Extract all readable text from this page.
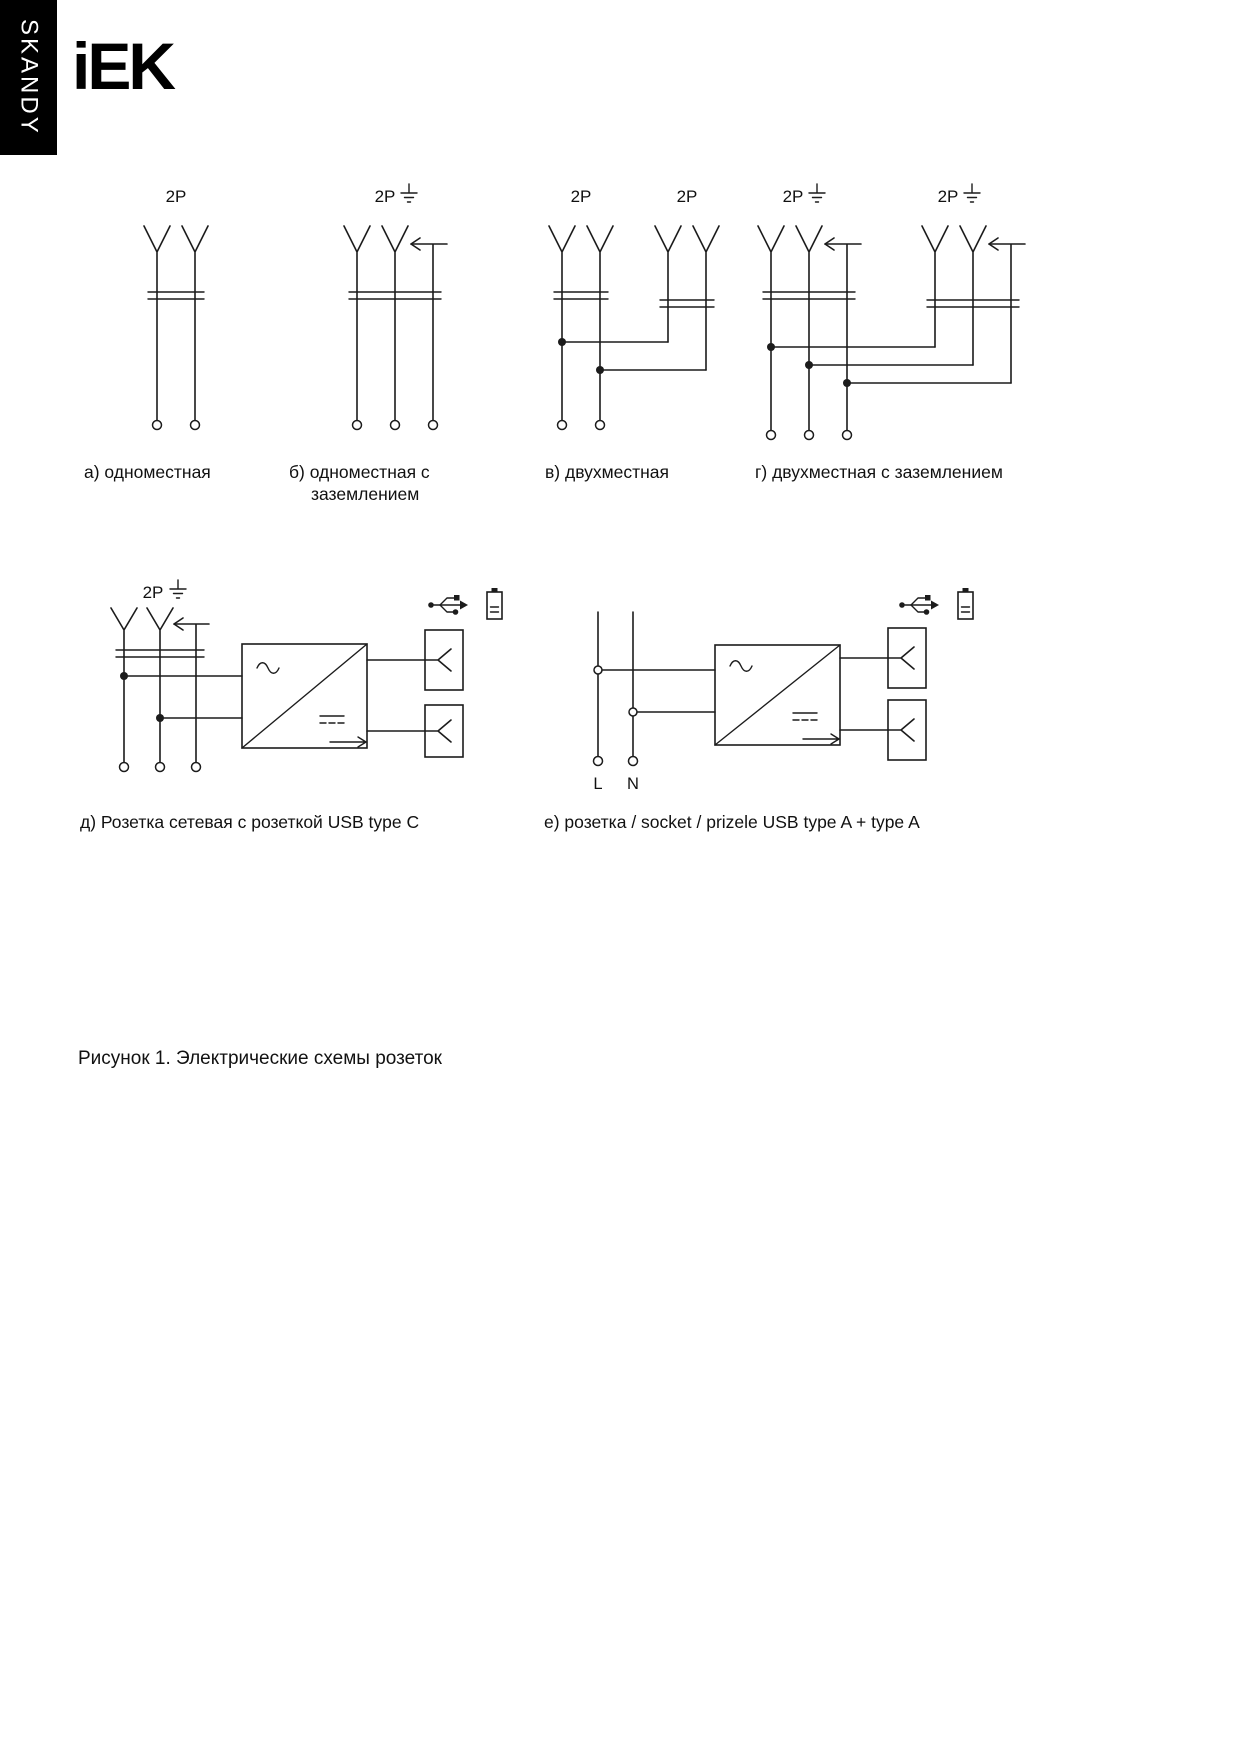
SKANDY iEK
2P
а) одноместная
2P
б) одноместная с
заземлением
2P	2P
в) двухместная
2P	2P
г) двухместная с заземлением
2P
д) Розетка сетевая с розеткой USB type C
L N
е) розетка / socket / prizele USB type A + type A
Рисунок 1. Электрические схемы розеток
